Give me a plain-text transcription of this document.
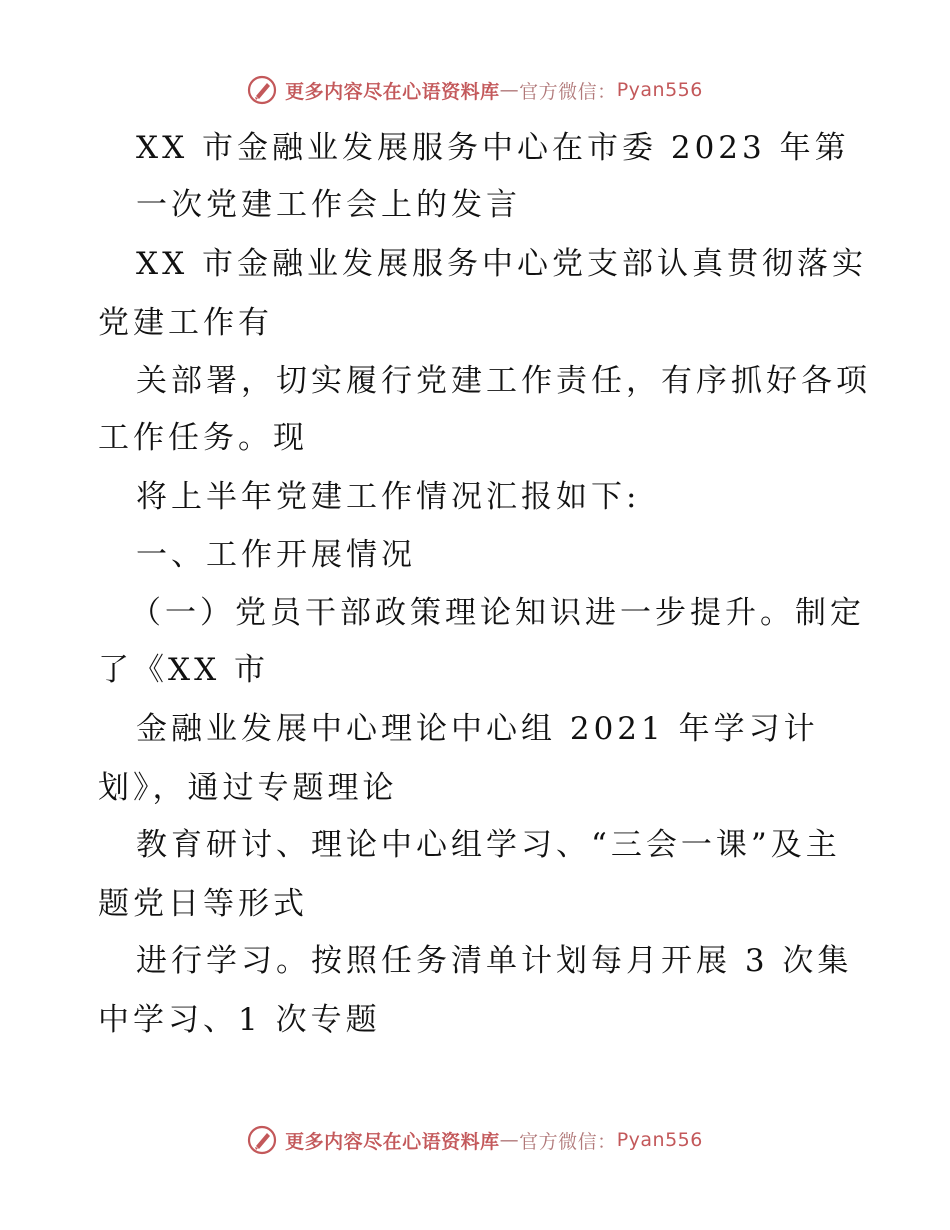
更多内容尽在心语资料库 — 官方微信： Pyan556
XX 市金融业发展服务中心在市委 2023 年第
一次党建工作会上的发言
XX 市金融业发展服务中心党支部认真贯彻落实
党建工作有
关部署，切实履行党建工作责任，有序抓好各项
工作任务。现
将上半年党建工作情况汇报如下:
一、工作开展情况
（一）党员干部政策理论知识进一步提升。制定
了《XX 市
金融业发展中心理论中心组 2021 年学习计
划》，通过专题理论
教育研讨、理论中心组学习、“三会一课”及主
题党日等形式
进行学习。按照任务清单计划每月开展 3 次集
中学习、1 次专题
更多内容尽在心语资料库 — 官方微信： Pyan556
